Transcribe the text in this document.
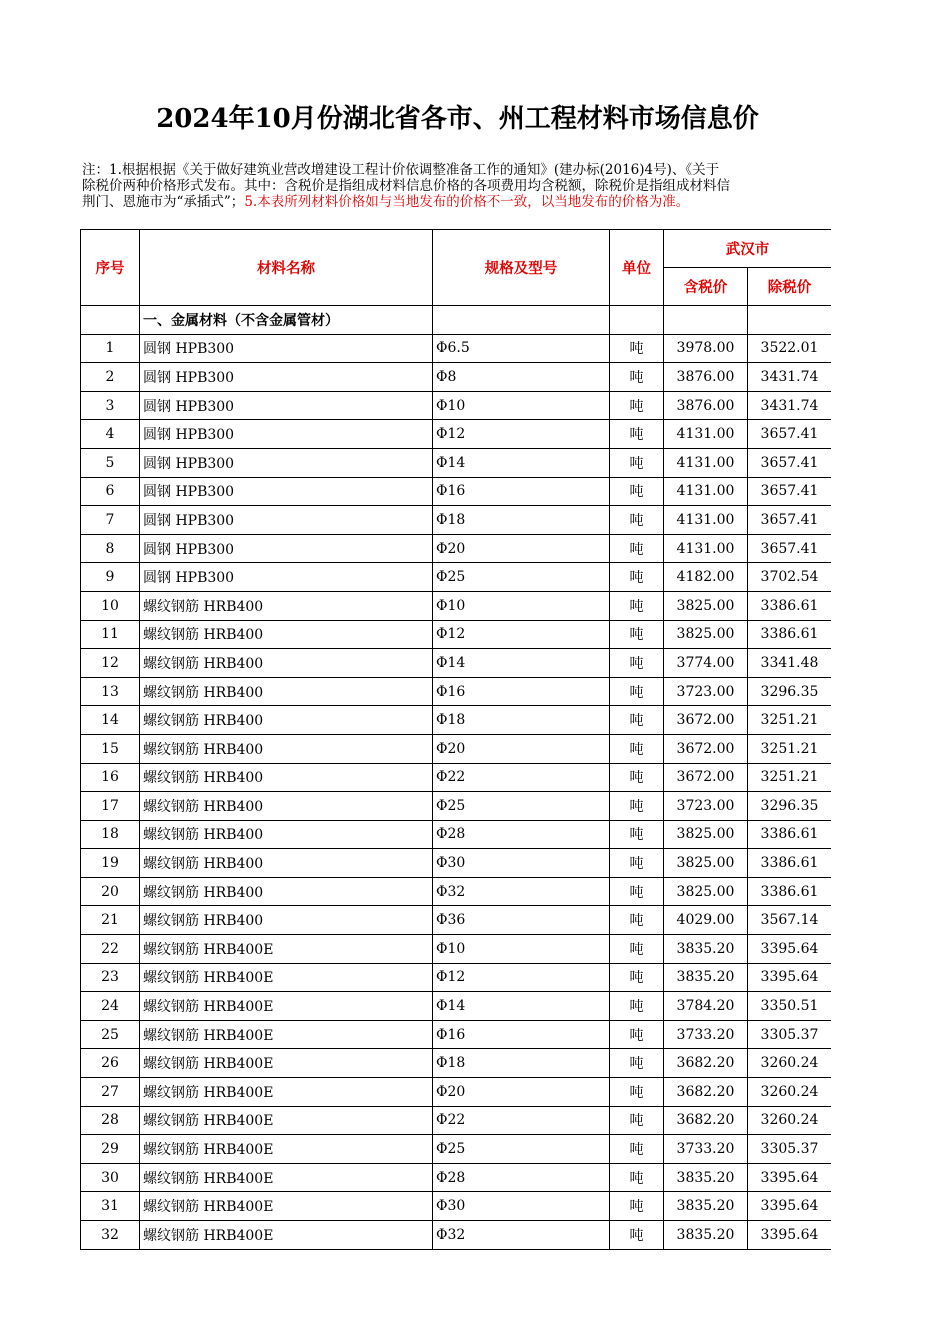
2024年10月份湖北省各市、州工程材料市场信息价
注：1.根据根据《关于做好建筑业营改增建设工程计价依调整准备工作的通知》(建办标(2016)4号)、《关于
除税价两种价格形式发布。其中：含税价是指组成材料信息价格的各项费用均含税额，除税价是指组成材料信
荆门、恩施市为“承插式”；5.本表所列材料价格如与当地发布的价格不一致，以当地发布的价格为准。
序号	材料名称	规格及型号	单位	武汉市	
				含税价	除税价
	一、金属材料（不含金属管材）				
1	圆钢 HPB300	Φ6.5	吨	3978.00	3522.01
2	圆钢 HPB300	Φ8	吨	3876.00	3431.74
3	圆钢 HPB300	Φ10	吨	3876.00	3431.74
4	圆钢 HPB300	Φ12	吨	4131.00	3657.41
5	圆钢 HPB300	Φ14	吨	4131.00	3657.41
6	圆钢 HPB300	Φ16	吨	4131.00	3657.41
7	圆钢 HPB300	Φ18	吨	4131.00	3657.41
8	圆钢 HPB300	Φ20	吨	4131.00	3657.41
9	圆钢 HPB300	Φ25	吨	4182.00	3702.54
10	螺纹钢筋 HRB400	Φ10	吨	3825.00	3386.61
11	螺纹钢筋 HRB400	Φ12	吨	3825.00	3386.61
12	螺纹钢筋 HRB400	Φ14	吨	3774.00	3341.48
13	螺纹钢筋 HRB400	Φ16	吨	3723.00	3296.35
14	螺纹钢筋 HRB400	Φ18	吨	3672.00	3251.21
15	螺纹钢筋 HRB400	Φ20	吨	3672.00	3251.21
16	螺纹钢筋 HRB400	Φ22	吨	3672.00	3251.21
17	螺纹钢筋 HRB400	Φ25	吨	3723.00	3296.35
18	螺纹钢筋 HRB400	Φ28	吨	3825.00	3386.61
19	螺纹钢筋 HRB400	Φ30	吨	3825.00	3386.61
20	螺纹钢筋 HRB400	Φ32	吨	3825.00	3386.61
21	螺纹钢筋 HRB400	Φ36	吨	4029.00	3567.14
22	螺纹钢筋 HRB400E	Φ10	吨	3835.20	3395.64
23	螺纹钢筋 HRB400E	Φ12	吨	3835.20	3395.64
24	螺纹钢筋 HRB400E	Φ14	吨	3784.20	3350.51
25	螺纹钢筋 HRB400E	Φ16	吨	3733.20	3305.37
26	螺纹钢筋 HRB400E	Φ18	吨	3682.20	3260.24
27	螺纹钢筋 HRB400E	Φ20	吨	3682.20	3260.24
28	螺纹钢筋 HRB400E	Φ22	吨	3682.20	3260.24
29	螺纹钢筋 HRB400E	Φ25	吨	3733.20	3305.37
30	螺纹钢筋 HRB400E	Φ28	吨	3835.20	3395.64
31	螺纹钢筋 HRB400E	Φ30	吨	3835.20	3395.64
32	螺纹钢筋 HRB400E	Φ32	吨	3835.20	3395.64
